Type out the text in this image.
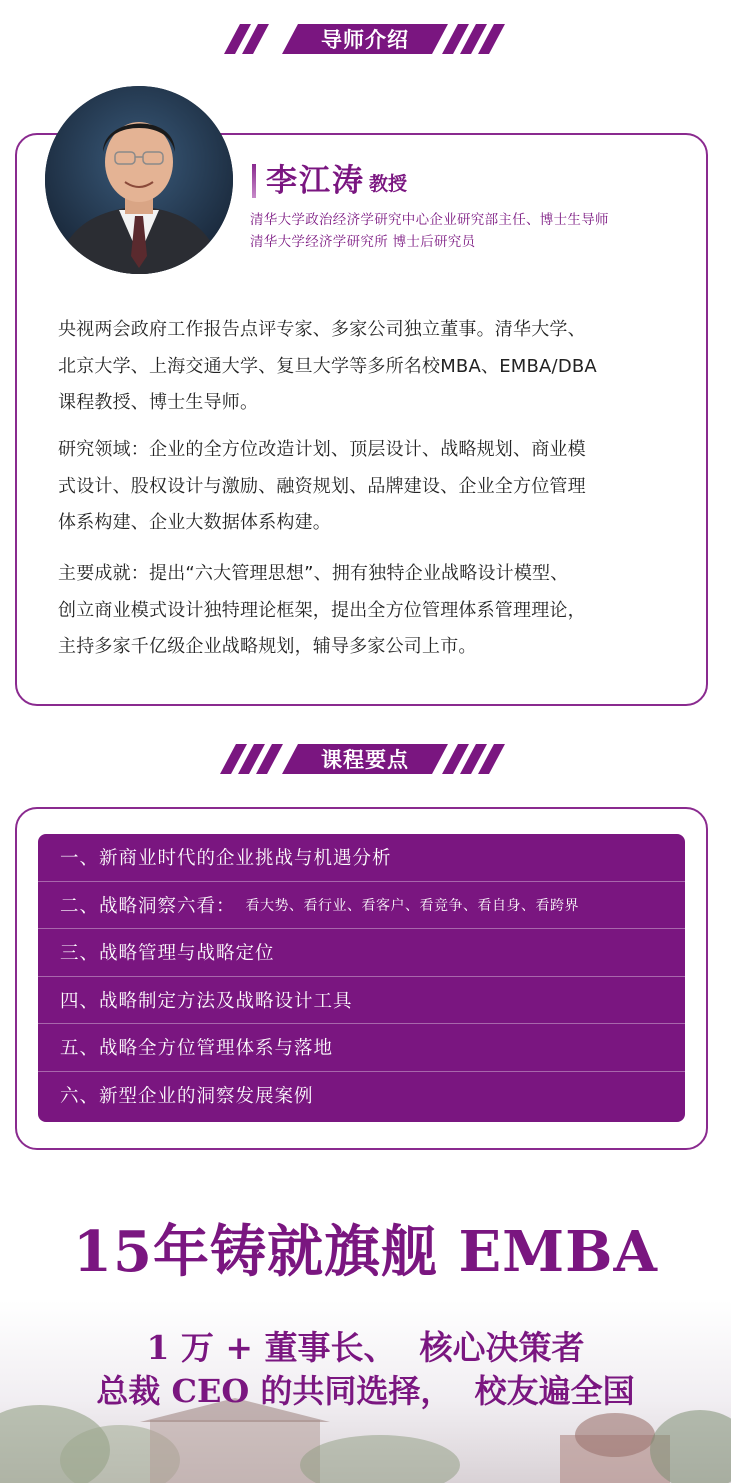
导师介绍
李江涛 教授
清华大学政治经济学研究中心企业研究部主任、博士生导师
清华大学经济学研究所 博士后研究员
央视两会政府工作报告点评专家、多家公司独立董事。清华大学、
北京大学、上海交通大学、复旦大学等多所名校MBA、EMBA/DBA
课程教授、博士生导师。
研究领域：企业的全方位改造计划、顶层设计、战略规划、商业模
式设计、股权设计与激励、融资规划、品牌建设、企业全方位管理
体系构建、企业大数据体系构建。
主要成就：提出“六大管理思想”、拥有独特企业战略设计模型、
创立商业模式设计独特理论框架，提出全方位管理体系管理理论，
主持多家千亿级企业战略规划，辅导多家公司上市。
课程要点
一、新商业时代的企业挑战与机遇分析
二、战略洞察六看： 看大势、看行业、看客户、看竞争、看自身、看跨界
三、战略管理与战略定位
四、战略制定方法及战略设计工具
五、战略全方位管理体系与落地
六、新型企业的洞察发展案例
15年铸就旗舰 EMBA
1 万 + 董事长、  核心决策者
总裁 CEO 的共同选择，  校友遍全国
